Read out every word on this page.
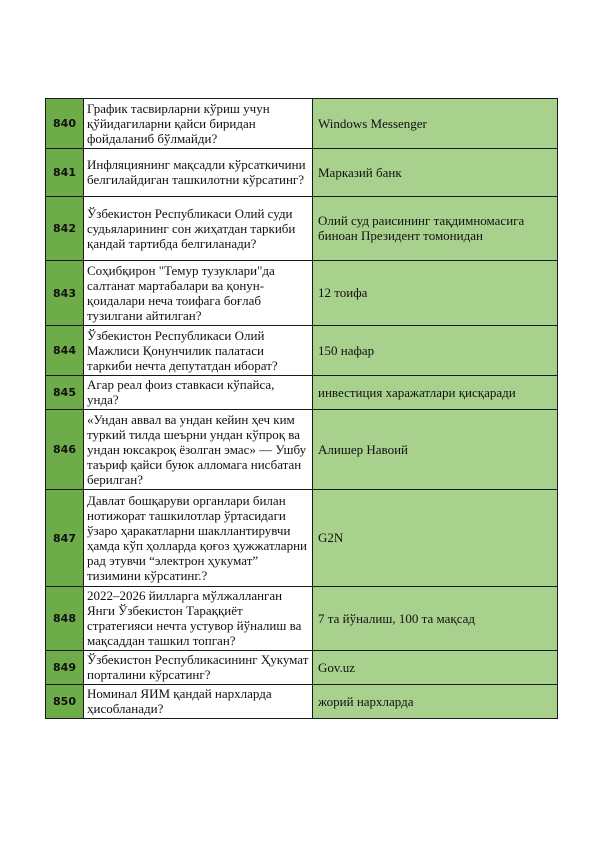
840	График тасвирларни кўриш учун қўйидагиларни қайси биридан фойдаланиб бўлмайди?	Windows Messenger
841	Инфляциянинг мақсадли кўрсаткичини белгилайдиган ташкилотни кўрсатинг?	Марказий банк
842	Ўзбекистон Республикаси Олий суди судьяларининг сон жиҳатдан таркиби қандай тартибда белгиланади?	Олий суд раисининг тақдимномасига биноан Президент томонидан
843	Соҳибқирон "Темур тузуклари"да салтанат мартабалари ва қонун-қоидалари неча тоифага бoғлаб тузилгани айтилган?	12 тоифа
844	Ўзбекистон Республикаси Олий Мажлиси Қонунчилик палатаси таркиби нечта депутатдан иборат?	150 нафар
845	Агар реал фоиз ставкаси кўпайса, унда?	инвестиция харажатлари қисқаради
846	«Ундан аввал ва ундан кейин ҳеч ким туркий тилда шеърни ундан кўпроқ ва ундан юксакроқ ёзолган эмас» — Ушбу таъриф қайси буюк алломага нисбатан берилган?	Алишер Навоий
847	Давлат бошқаруви органлари билан нотижорат ташкилотлар ўртасидаги ўзаро ҳаракатларни шакллантирувчи ҳамда кўп ҳолларда қоғоз ҳужжатларни рад этувчи “электрон ҳукумат” тизимини кўрсатинг.?	G2N
848	2022‒2026 йилларга мўлжалланган Янги Ўзбекистон Тараққиёт стратегияси нечта устувор йўналиш ва мақсаддан ташкил топган?	7 та йўналиш, 100 та мақсад
849	Ўзбекистон Республикасининг Ҳукумат порталини кўрсатинг?	Gov.uz
850	Номинал ЯИМ қандай нархларда ҳисобланади?	жорий нархларда
